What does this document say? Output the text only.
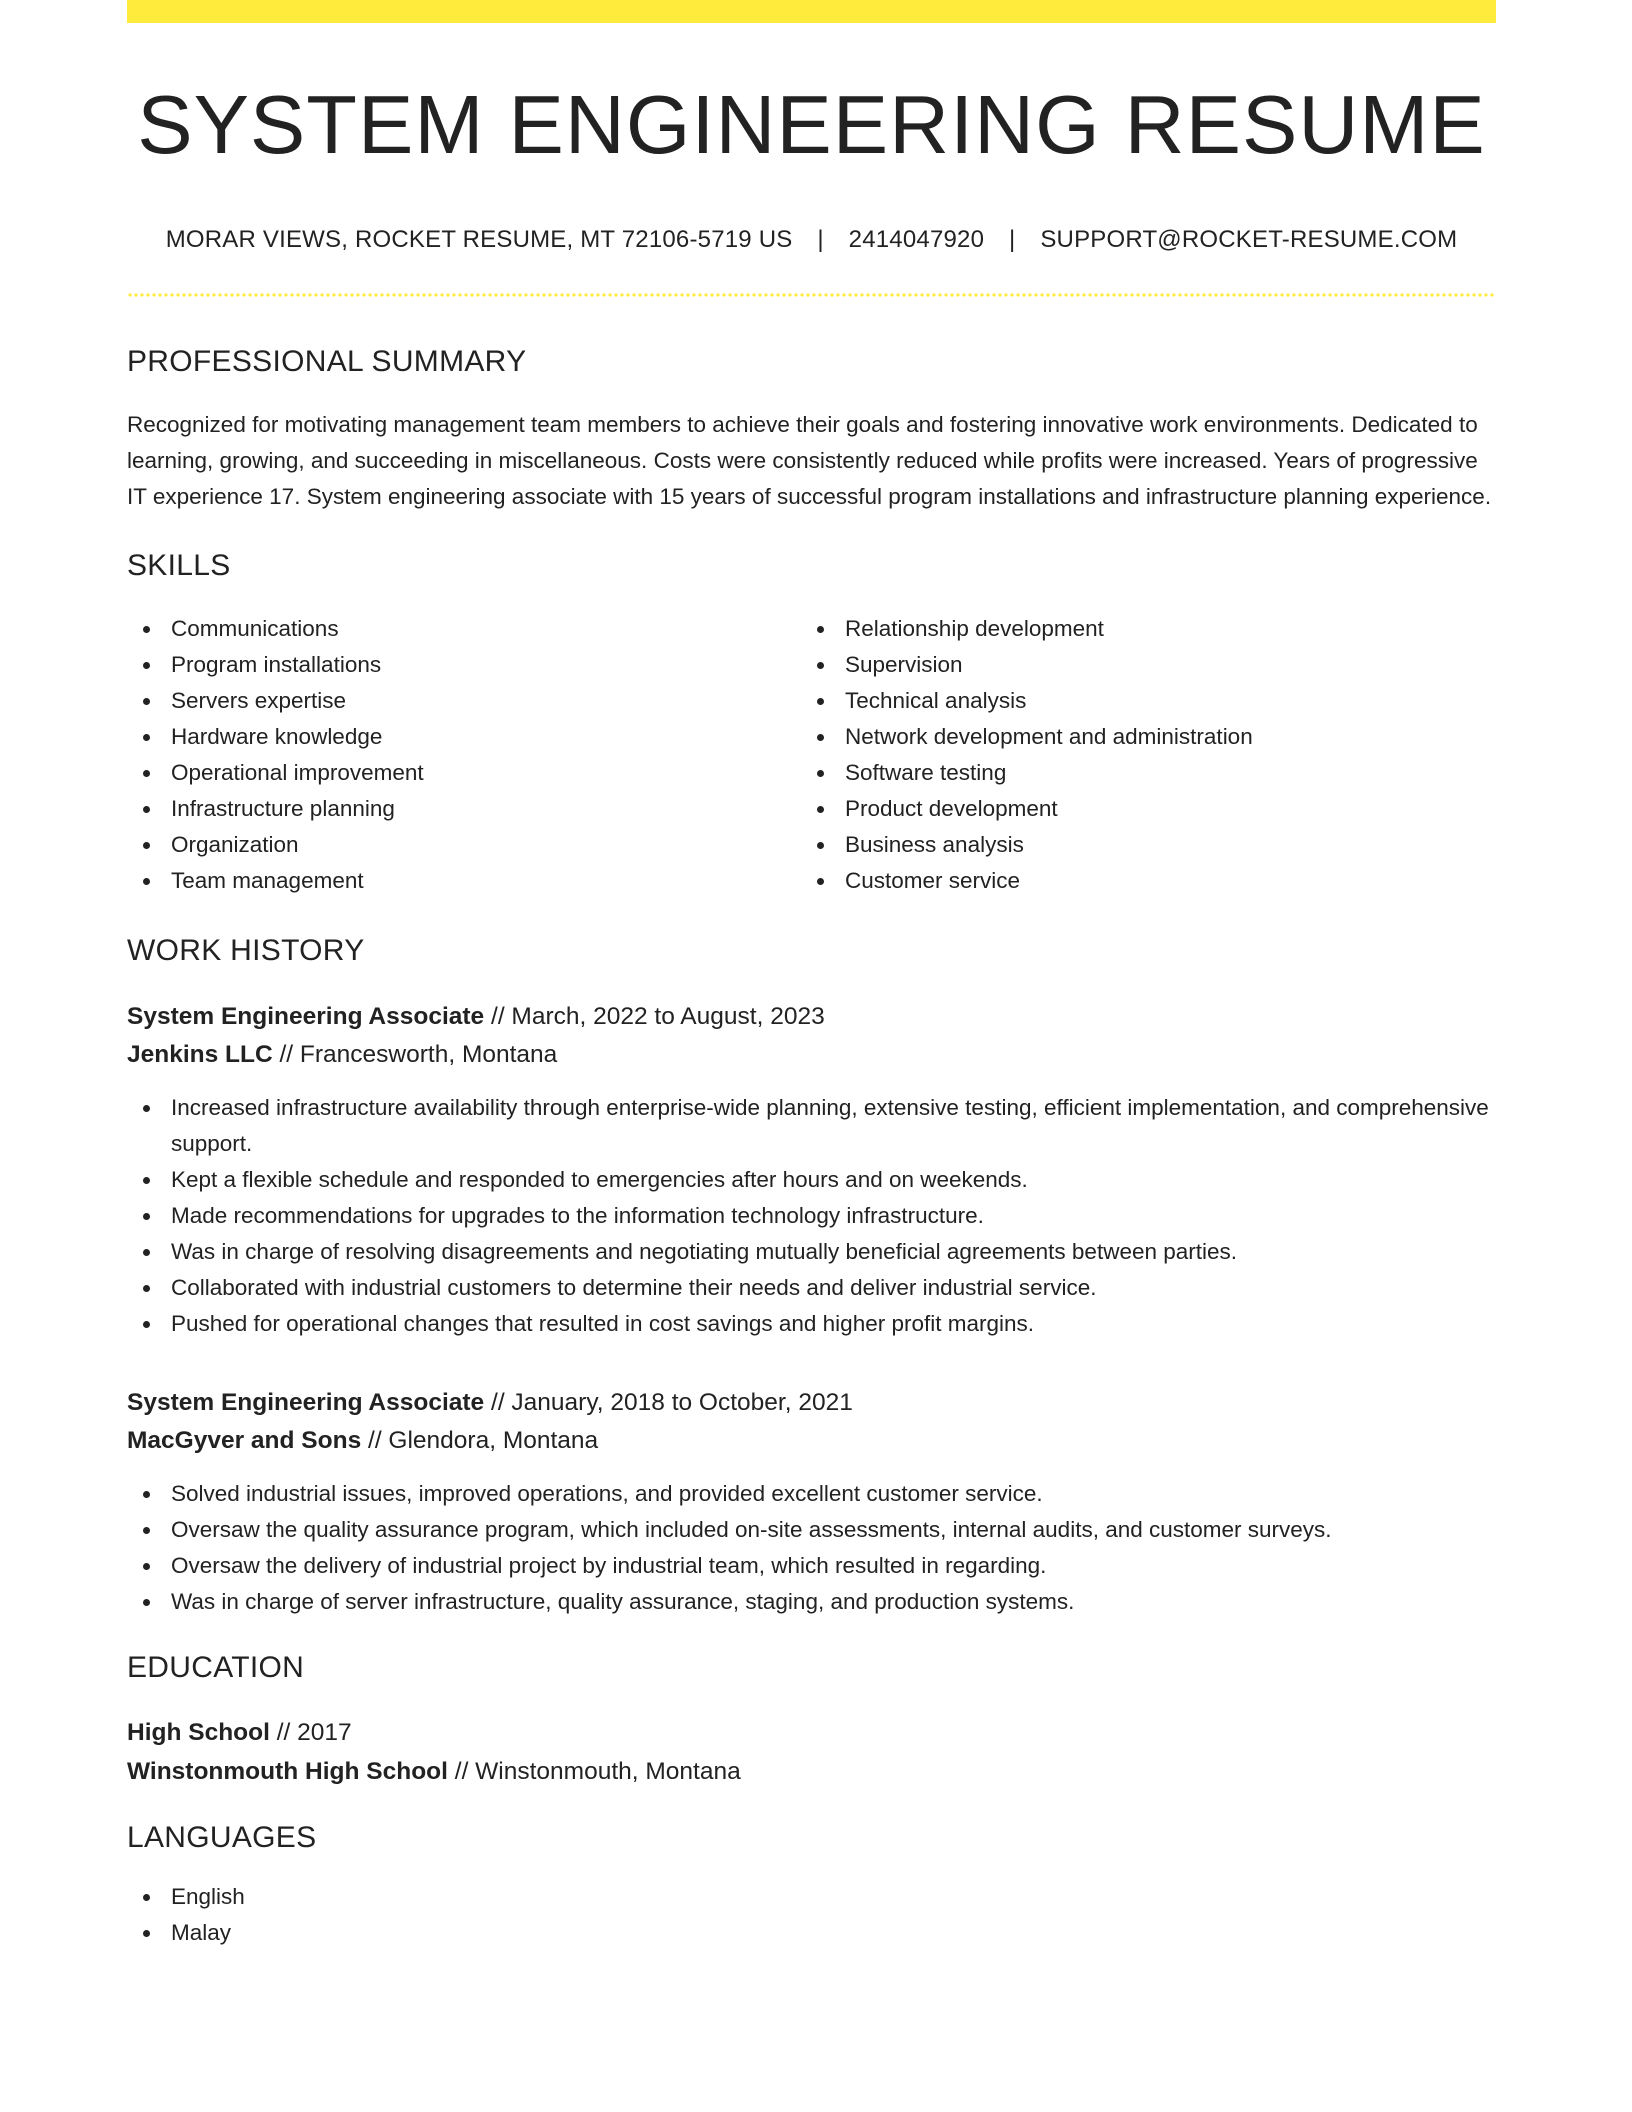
SYSTEM ENGINEERING RESUME
MORAR VIEWS, ROCKET RESUME, MT 72106-5719 US | 2414047920 | SUPPORT@ROCKET-RESUME.COM
PROFESSIONAL SUMMARY

Recognized for motivating management team members to achieve their goals and fostering innovative work environments. Dedicated to learning, growing, and succeeding in miscellaneous. Costs were consistently reduced while profits were increased. Years of progressive IT experience 17. System engineering associate with 15 years of successful program installations and infrastructure planning experience.

SKILLS
Communications
Program installations
Servers expertise
Hardware knowledge
Operational improvement
Infrastructure planning
Organization
Team management
Relationship development
Supervision
Technical analysis
Network development and administration
Software testing
Product development
Business analysis
Customer service
WORK HISTORY
System Engineering Associate // March, 2022 to August, 2023
Jenkins LLC // Francesworth, Montana
Increased infrastructure availability through enterprise-wide planning, extensive testing, efficient implementation, and comprehensive support.
Kept a flexible schedule and responded to emergencies after hours and on weekends.
Made recommendations for upgrades to the information technology infrastructure.
Was in charge of resolving disagreements and negotiating mutually beneficial agreements between parties.
Collaborated with industrial customers to determine their needs and deliver industrial service.
Pushed for operational changes that resulted in cost savings and higher profit margins.
System Engineering Associate // January, 2018 to October, 2021
MacGyver and Sons // Glendora, Montana
Solved industrial issues, improved operations, and provided excellent customer service.
Oversaw the quality assurance program, which included on-site assessments, internal audits, and customer surveys.
Oversaw the delivery of industrial project by industrial team, which resulted in regarding.
Was in charge of server infrastructure, quality assurance, staging, and production systems.
EDUCATION
High School // 2017
Winstonmouth High School // Winstonmouth, Montana
LANGUAGES
English
Malay
